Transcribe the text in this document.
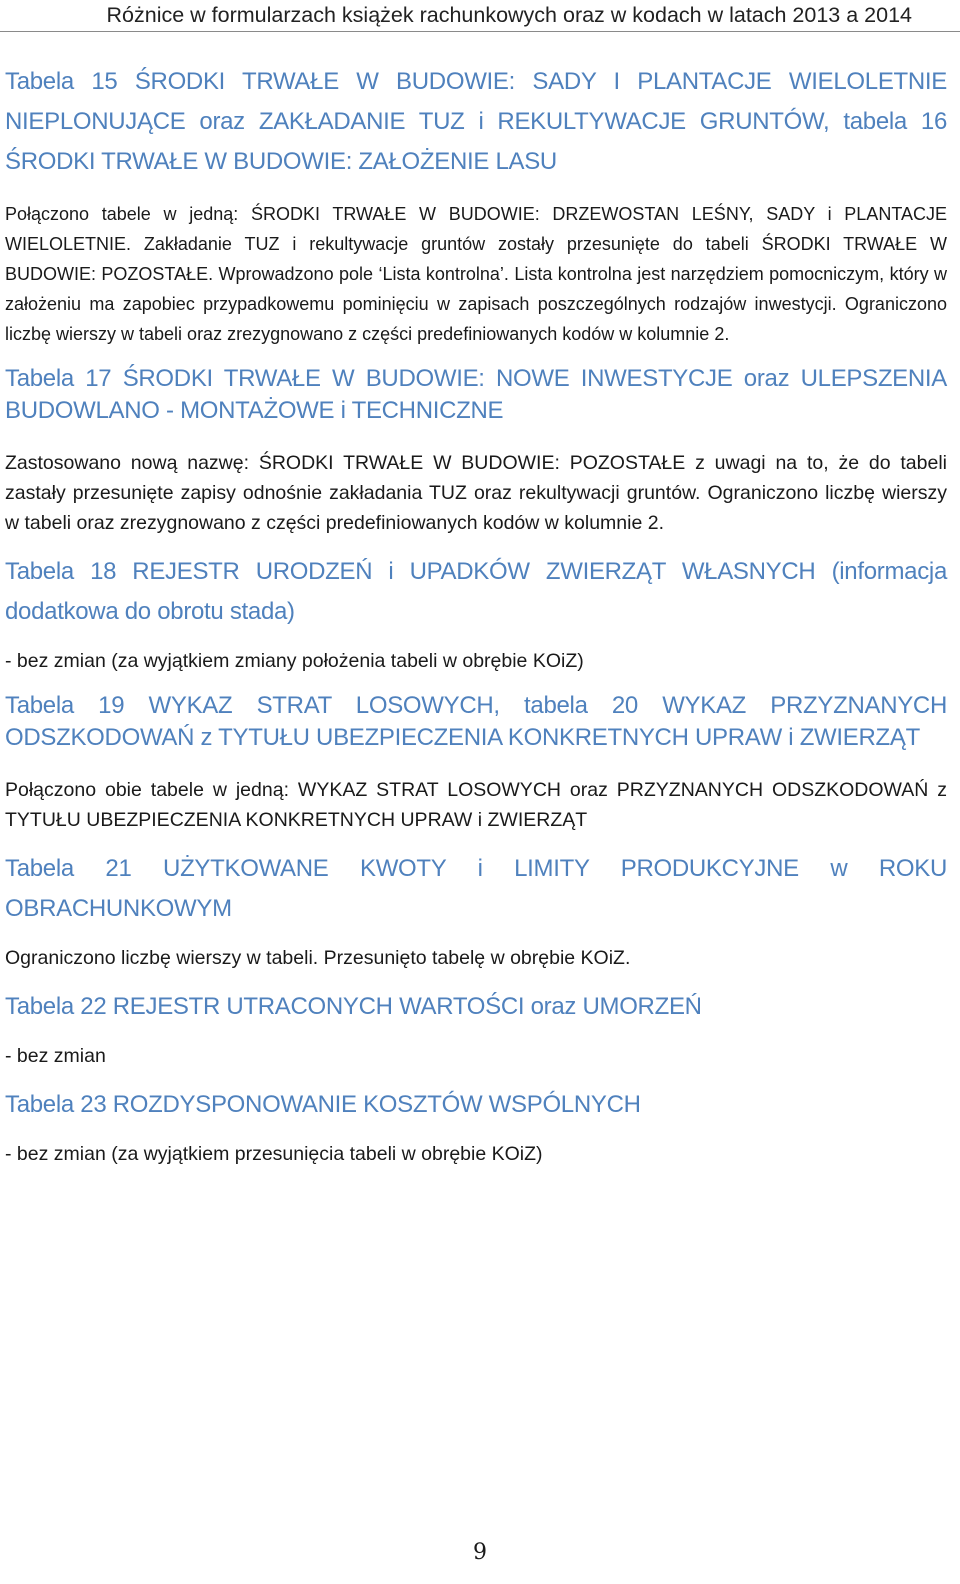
Różnice w formularzach książek rachunkowych oraz w kodach w latach 2013 a 2014
Tabela 15 ŚRODKI TRWAŁE W BUDOWIE: SADY I PLANTACJE WIELOLETNIE NIEPLONUJĄCE oraz ZAKŁADANIE TUZ i REKULTYWACJE GRUNTÓW, tabela 16 ŚRODKI TRWAŁE W BUDOWIE: ZAŁOŻENIE LASU

Połączono tabele w jedną: ŚRODKI TRWAŁE W BUDOWIE: DRZEWOSTAN LEŚNY, SADY i PLANTACJE WIELOLETNIE. Zakładanie TUZ i rekultywacje gruntów zostały przesunięte do tabeli ŚRODKI TRWAŁE W BUDOWIE: POZOSTAŁE. Wprowadzono pole ‘Lista kontrolna’. Lista kontrolna jest narzędziem pomocniczym, który w założeniu ma zapobiec przypadkowemu pominięciu w zapisach poszczególnych rodzajów inwestycji. Ograniczono liczbę wierszy w tabeli oraz zrezygnowano z części predefiniowanych kodów w kolumnie 2.

Tabela 17 ŚRODKI TRWAŁE W BUDOWIE: NOWE INWESTYCJE oraz ULEPSZENIA BUDOWLANO - MONTAŻOWE i TECHNICZNE

Zastosowano nową nazwę: ŚRODKI TRWAŁE W BUDOWIE: POZOSTAŁE z uwagi na to, że do tabeli zastały przesunięte zapisy odnośnie zakładania TUZ oraz rekultywacji gruntów. Ograniczono liczbę wierszy w tabeli oraz zrezygnowano z części predefiniowanych kodów w kolumnie 2.

Tabela 18 REJESTR URODZEŃ i UPADKÓW ZWIERZĄT WŁASNYCH (informacja dodatkowa do obrotu stada)

- bez zmian (za wyjątkiem zmiany położenia tabeli w obrębie KOiZ)

Tabela 19 WYKAZ STRAT LOSOWYCH, tabela 20 WYKAZ PRZYZNANYCH ODSZKODOWAŃ z TYTUŁU UBEZPIECZENIA KONKRETNYCH UPRAW i ZWIERZĄT

Połączono obie tabele w jedną: WYKAZ STRAT LOSOWYCH oraz PRZYZNANYCH ODSZKODOWAŃ z TYTUŁU UBEZPIECZENIA KONKRETNYCH UPRAW i ZWIERZĄT

Tabela 21 UŻYTKOWANE KWOTY i LIMITY PRODUKCYJNE w ROKU OBRACHUNKOWYM

Ograniczono liczbę wierszy w tabeli. Przesunięto tabelę w obrębie KOiZ.

Tabela 22 REJESTR UTRACONYCH WARTOŚCI oraz UMORZEŃ

- bez zmian

Tabela 23 ROZDYSPONOWANIE KOSZTÓW WSPÓLNYCH

- bez zmian (za wyjątkiem przesunięcia tabeli w obrębie KOiZ)

9
